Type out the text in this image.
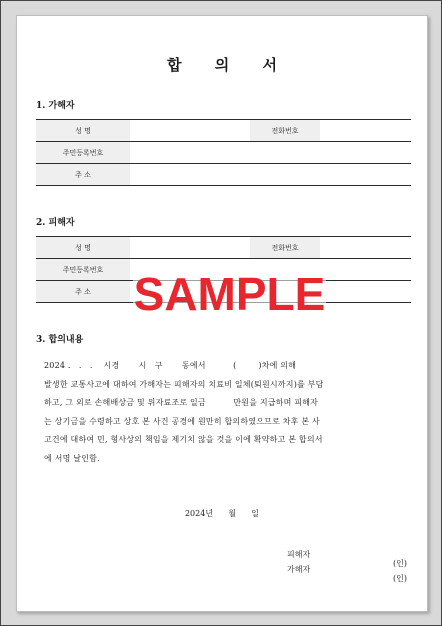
합 의 서
1. 가해자
성 명		전화번호	
주민등록번호			
주 소			
2. 피해자
성 명		전화번호	
주민등록번호			
주 소			
3. 합의내용
2024 .   .   .    시경       시   구       동에서          (        )차에 의해
발생한 교통사고에 대하여 가해자는 피해자의 치료비 일체(퇴원시까지)를 부담
하고, 그 외로 손해배상금 및 위자료조로 일금          만원을 지급하며 피해자
는 상기금을 수령하고 상호 본 사건 공경에 원만히 합의하였으므로 차후 본 사
고건에 대하여 민, 형사상의 책임을 제기치 않을 것을 이에 확약하고 본 합의서
에 서명 날인함.
2024년      월      일

피해자

(인)

가해자

(인)

SAMPLE
